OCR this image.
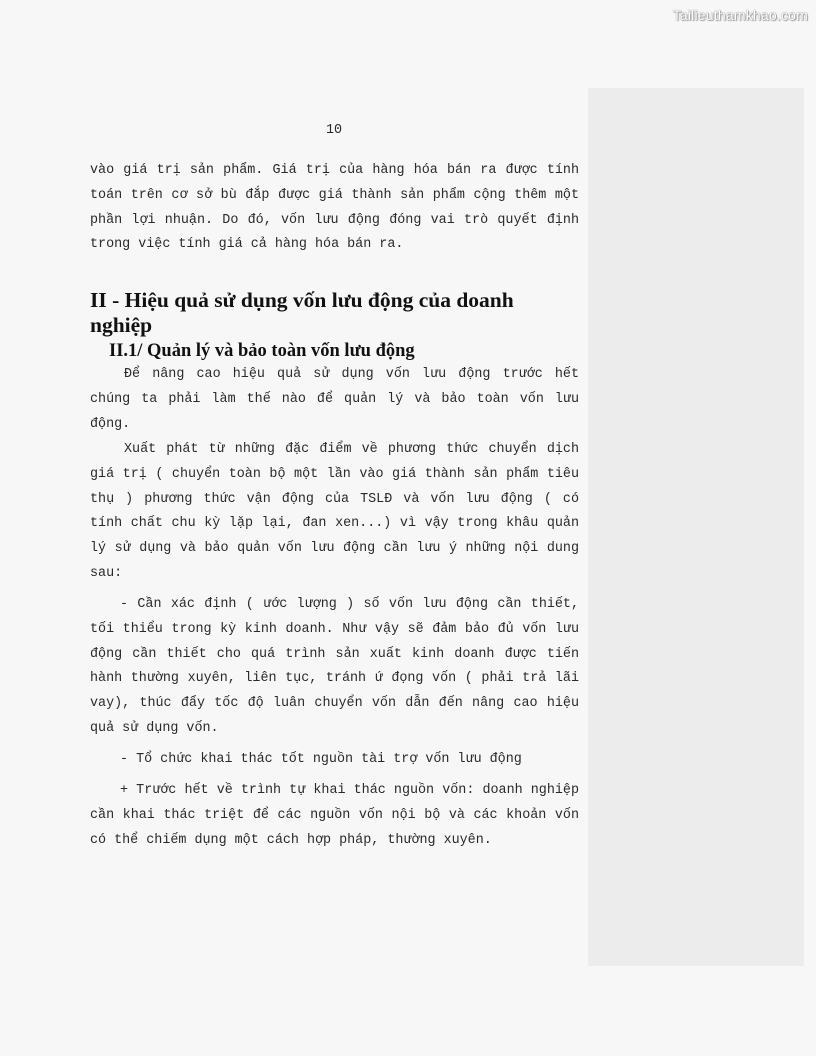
Tailieuthamkhao.com
10

vào giá trị sản phẩm. Giá trị của hàng hóa bán ra được tính toán trên cơ sở bù đắp được giá thành sản phẩm cộng thêm một phần lợi nhuận. Do đó, vốn lưu động đóng vai trò quyết định trong việc tính giá cả hàng hóa bán ra.

II - Hiệu quả sử dụng vốn lưu động của doanh nghiệp
II.1/ Quản lý và bảo toàn vốn lưu động

Để nâng cao hiệu quả sử dụng vốn lưu động trước hết chúng ta phải làm thế nào để quản lý và bảo toàn vốn lưu động.

Xuất phát từ những đặc điểm về phương thức chuyển dịch giá trị ( chuyển toàn bộ một lần vào giá thành sản phẩm tiêu thụ ) phương thức vận động của TSLĐ và vốn lưu động ( có tính chất chu kỳ lặp lại, đan xen...) vì vậy trong khâu quản lý sử dụng và bảo quản vốn lưu động cần lưu ý những nội dung sau:

- Cần xác định ( ước lượng ) số vốn lưu động cần thiết, tối thiểu trong kỳ kinh doanh. Như vậy sẽ đảm bảo đủ vốn lưu động cần thiết cho quá trình sản xuất kinh doanh được tiến hành thường xuyên, liên tục, tránh ứ đọng vốn ( phải trả lãi vay), thúc đẩy tốc độ luân chuyển vốn dẫn đến nâng cao hiệu quả sử dụng vốn.

- Tổ chức khai thác tốt nguồn tài trợ vốn lưu động

+ Trước hết về trình tự khai thác nguồn vốn: doanh nghiệp cần khai thác triệt để các nguồn vốn nội bộ và các khoản vốn có thể chiếm dụng một cách hợp pháp, thường xuyên.
